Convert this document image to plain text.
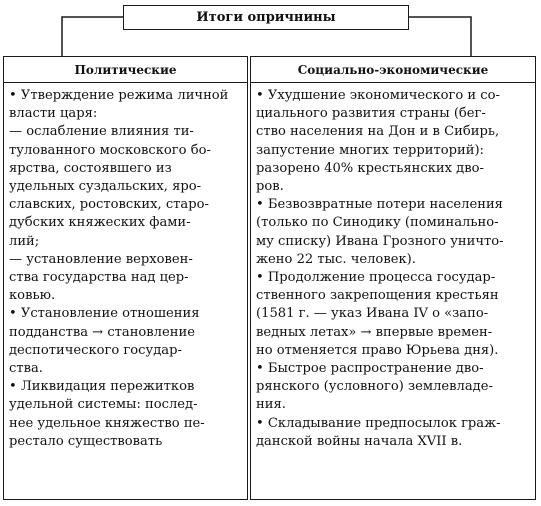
Итоги опричнины
Политические	Социально-экономические
• Утверждение режима личной
власти царя:
— ослабление влияния ти-
тулованного московского бо-
ярства, состоявшего из
удельных суздальских, яро-
славских, ростовских, старо-
дубских княжеских фами-
лий;
— установление верховен-
ства государства над цер-
ковью.
• Установление отношения
подданства → становление
деспотического государ-
ства.
• Ликвидация пережитков
удельной системы: послед-
нее удельное княжество пе-
рестало существовать
• Ухудшение экономического и со-
циального развития страны (бег-
ство населения на Дон и в Сибирь,
запустение многих территорий):
разорено 40% крестьянских дво-
ров.
• Безвозвратные потери населения
(только по Синодику (поминально-
му списку) Ивана Грозного уничто-
жено 22 тыс. человек).
• Продолжение процесса государ-
ственного закрепощения крестьян
(1581 г. — указ Ивана IV о «запо-
ведных летах» → впервые времен-
но отменяется право Юрьева дня).
• Быстрое распространение дво-
рянского (условного) землевладе-
ния.
• Складывание предпосылок граж-
данской войны начала XVII в.
